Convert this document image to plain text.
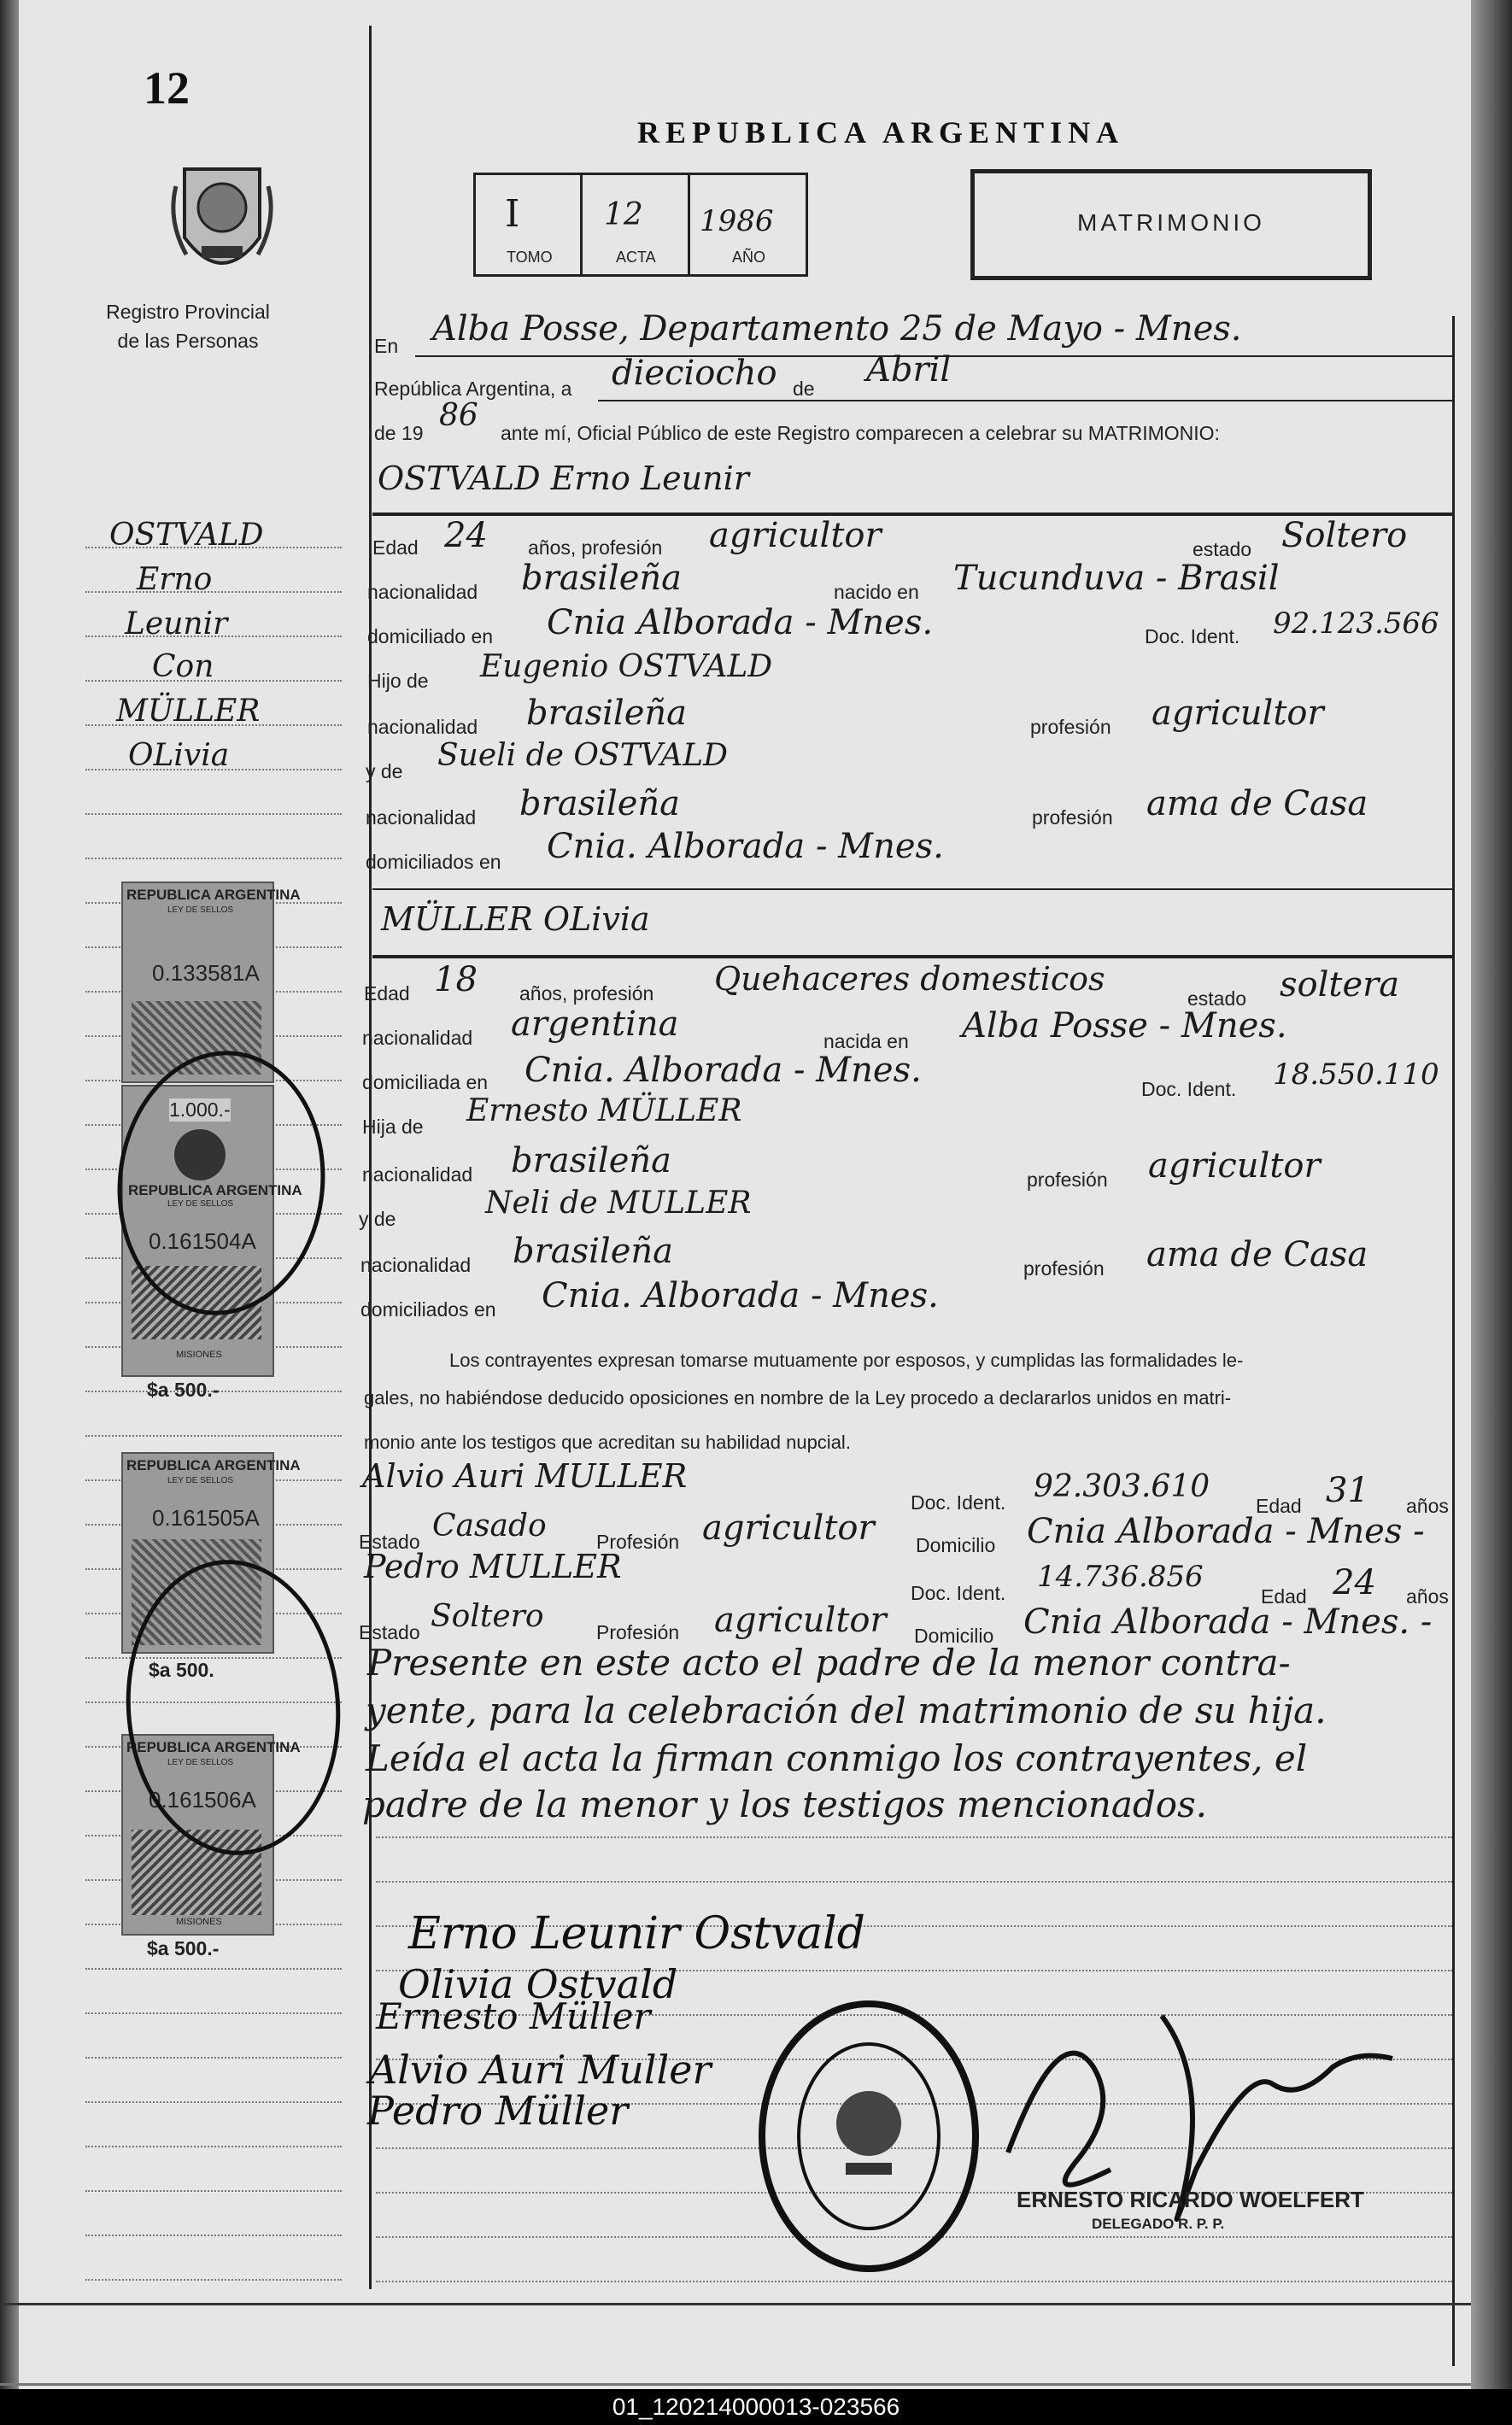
12
Registro Provincial
de las Personas
OSTVALD
Erno
Leunir
Con
MÜLLER
OLivia
REPUBLICA ARGENTINA
LEY DE SELLOS
0.133581A
1.000.-
REPUBLICA ARGENTINA
LEY DE SELLOS
0.161504A
MISIONES
$a 500.-
REPUBLICA ARGENTINA
LEY DE SELLOS
0.161505A
$a 500.
REPUBLICA ARGENTINA
LEY DE SELLOS
0.161506A
MISIONES
$a 500.-
REPUBLICA ARGENTINA
I
TOMO
12
ACTA
1986
AÑO
MATRIMONIO
En Alba Posse, Departamento 25 de Mayo - Mnes.
República Argentina, a dieciocho de Abril
de 19 86 ante mí, Oficial Público de este Registro comparecen a celebrar su MATRIMONIO:
OSTVALD Erno Leunir
Edad 24 años, profesión agricultor	estado Soltero
nacionalidad brasileña	nacido en Tucunduva - Brasil
domiciliado en Cnia Alborada - Mnes.	Doc. Ident. 92.123.566
Hijo de Eugenio OSTVALD
nacionalidad brasileña	profesión agricultor
y de Sueli de OSTVALD
nacionalidad brasileña	profesión ama de Casa
domiciliados en Cnia. Alborada - Mnes.
MÜLLER OLivia
Edad 18 años, profesión Quehaceres domesticos
estado soltera
nacionalidad argentina	nacida en Alba Posse - Mnes.
domiciliada en Cnia. Alborada - Mnes.	Doc. Ident. 18.550.110
Hija de Ernesto MÜLLER
nacionalidad brasileña	profesión agricultor
y de	Neli de MULLER
nacionalidad brasileña	profesión ama de Casa
domiciliados en Cnia. Alborada - Mnes.
Los contrayentes expresan tomarse mutuamente por esposos, y cumplidas las formalidades le-
gales, no habiéndose deducido oposiciones en nombre de la Ley procedo a declararlos unidos en matri-
monio ante los testigos que acreditan su habilidad nupcial.
Alvio Auri MULLER
Doc. Ident. 92.303.610
Edad 31 años
Estado Casado	Profesión agricultor Domicilio Cnia Alborada - Mnes -
Pedro MULLER
Doc. Ident. 14.736.856
Edad 24 años
Estado Soltero	Profesión agricultor Domicilio Cnia Alborada - Mnes. -
Presente en este acto el padre de la menor contra-
yente, para la celebración del matrimonio de su hija.
Leída el acta la firman conmigo los contrayentes, el
padre de la menor y los testigos mencionados.
Erno Leunir Ostvald
Olivia Ostvald
Ernesto Müller
Alvio Auri Muller
Pedro Müller
ERNESTO RICARDO WOELFERT
DELEGADO R. P. P.
01_120214000013-023566
